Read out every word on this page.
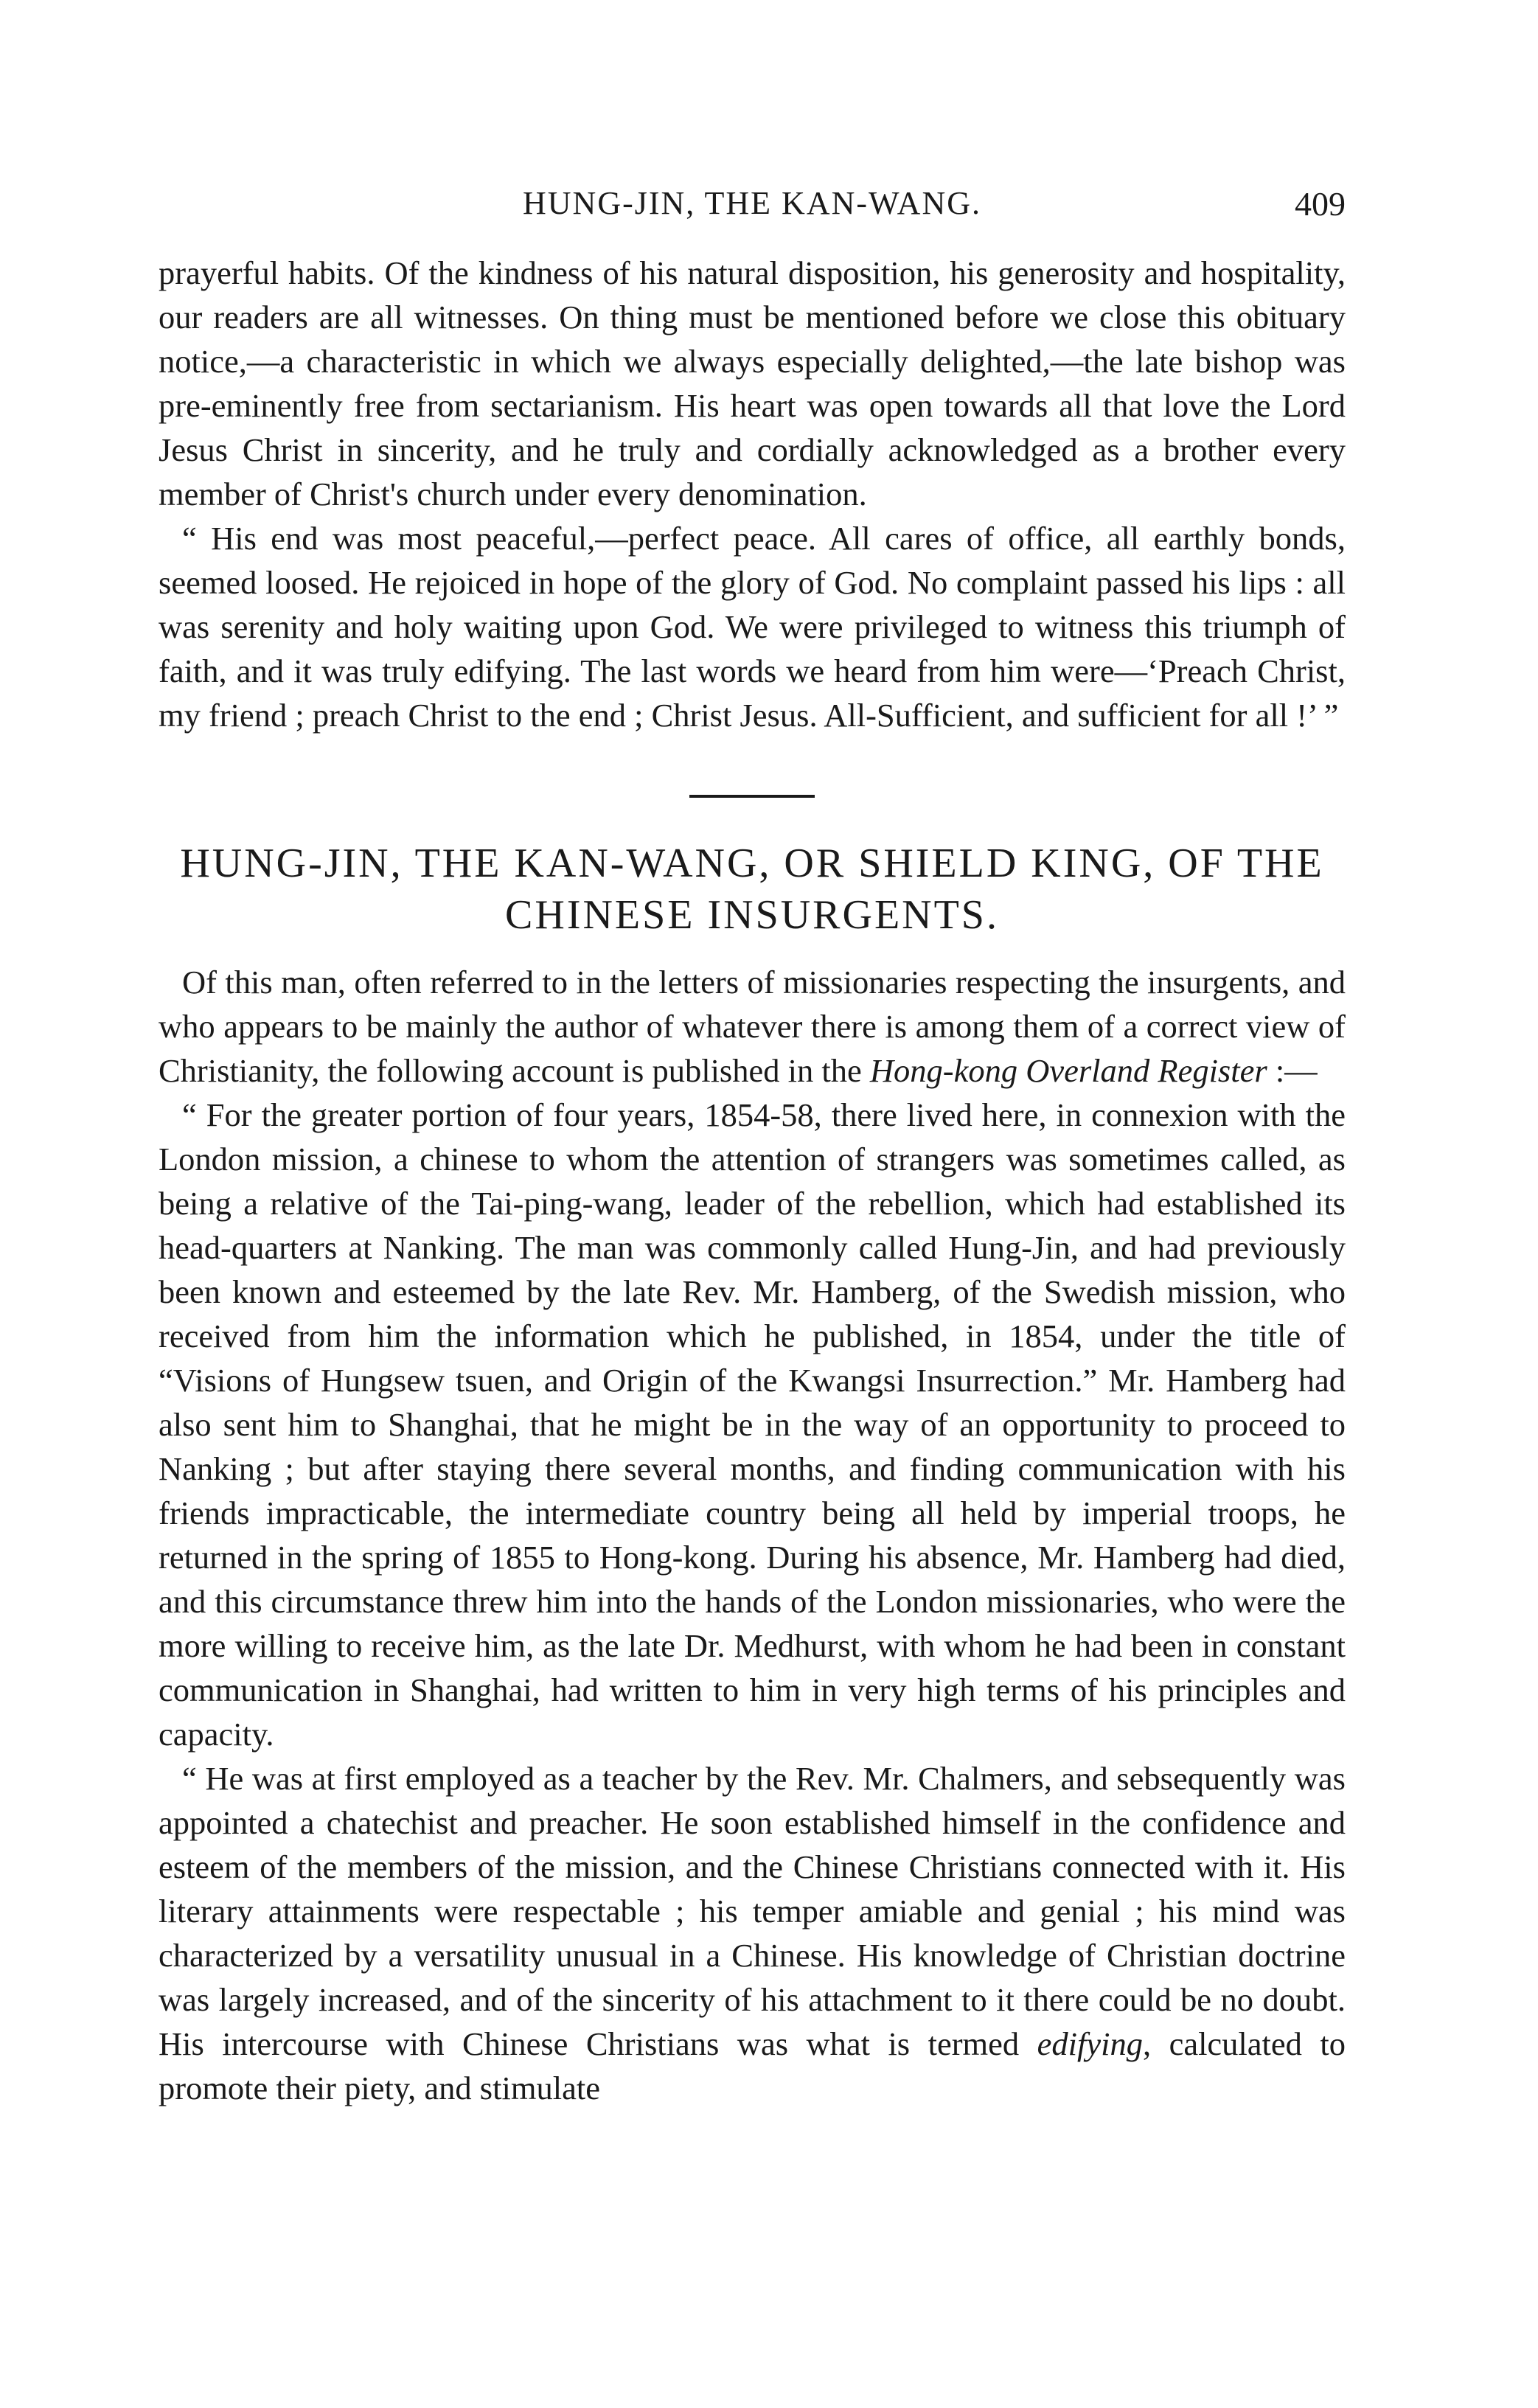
HUNG-JIN, THE KAN-WANG.	409

prayerful habits. Of the kindness of his natural disposition, his generosity and hospitality, our readers are all witnesses. On thing must be mentioned before we close this obituary notice,—a characteristic in which we always especially delighted,—the late bishop was pre-eminently free from sectarianism. His heart was open towards all that love the Lord Jesus Christ in sincerity, and he truly and cordially acknowledged as a brother every member of Christ's church under every denomination.

“ His end was most peaceful,—perfect peace. All cares of office, all earthly bonds, seemed loosed. He rejoiced in hope of the glory of God. No complaint passed his lips : all was serenity and holy waiting upon God. We were privileged to witness this triumph of faith, and it was truly edifying. The last words we heard from him were—‘Preach Christ, my friend ; preach Christ to the end ; Christ Jesus. All-Sufficient, and sufficient for all !’ ”

HUNG-JIN, THE KAN-WANG, OR SHIELD KING, OF THE
CHINESE INSURGENTS.

Of this man, often referred to in the letters of missionaries respecting the insurgents, and who appears to be mainly the author of whatever there is among them of a correct view of Christianity, the following account is published in the Hong-kong Overland Register :—

“ For the greater portion of four years, 1854-58, there lived here, in connexion with the London mission, a chinese to whom the attention of strangers was sometimes called, as being a relative of the Tai-ping-wang, leader of the rebellion, which had established its head-quarters at Nanking. The man was commonly called Hung-Jin, and had previously been known and esteemed by the late Rev. Mr. Hamberg, of the Swedish mission, who received from him the information which he published, in 1854, under the title of “Visions of Hungsew tsuen, and Origin of the Kwangsi Insurrection.” Mr. Hamberg had also sent him to Shanghai, that he might be in the way of an opportunity to proceed to Nanking ; but after staying there several months, and finding communication with his friends impracticable, the intermediate country being all held by imperial troops, he returned in the spring of 1855 to Hong-kong. During his absence, Mr. Hamberg had died, and this circumstance threw him into the hands of the London missionaries, who were the more willing to receive him, as the late Dr. Medhurst, with whom he had been in constant communication in Shanghai, had written to him in very high terms of his principles and capacity.

“ He was at first employed as a teacher by the Rev. Mr. Chalmers, and sebsequently was appointed a chatechist and preacher. He soon established himself in the confidence and esteem of the members of the mission, and the Chinese Christians connected with it. His literary attainments were respectable ; his temper amiable and genial ; his mind was characterized by a versatility unusual in a Chinese. His knowledge of Christian doctrine was largely increased, and of the sincerity of his attachment to it there could be no doubt. His intercourse with Chinese Christians was what is termed edifying, calculated to promote their piety, and stimulate
